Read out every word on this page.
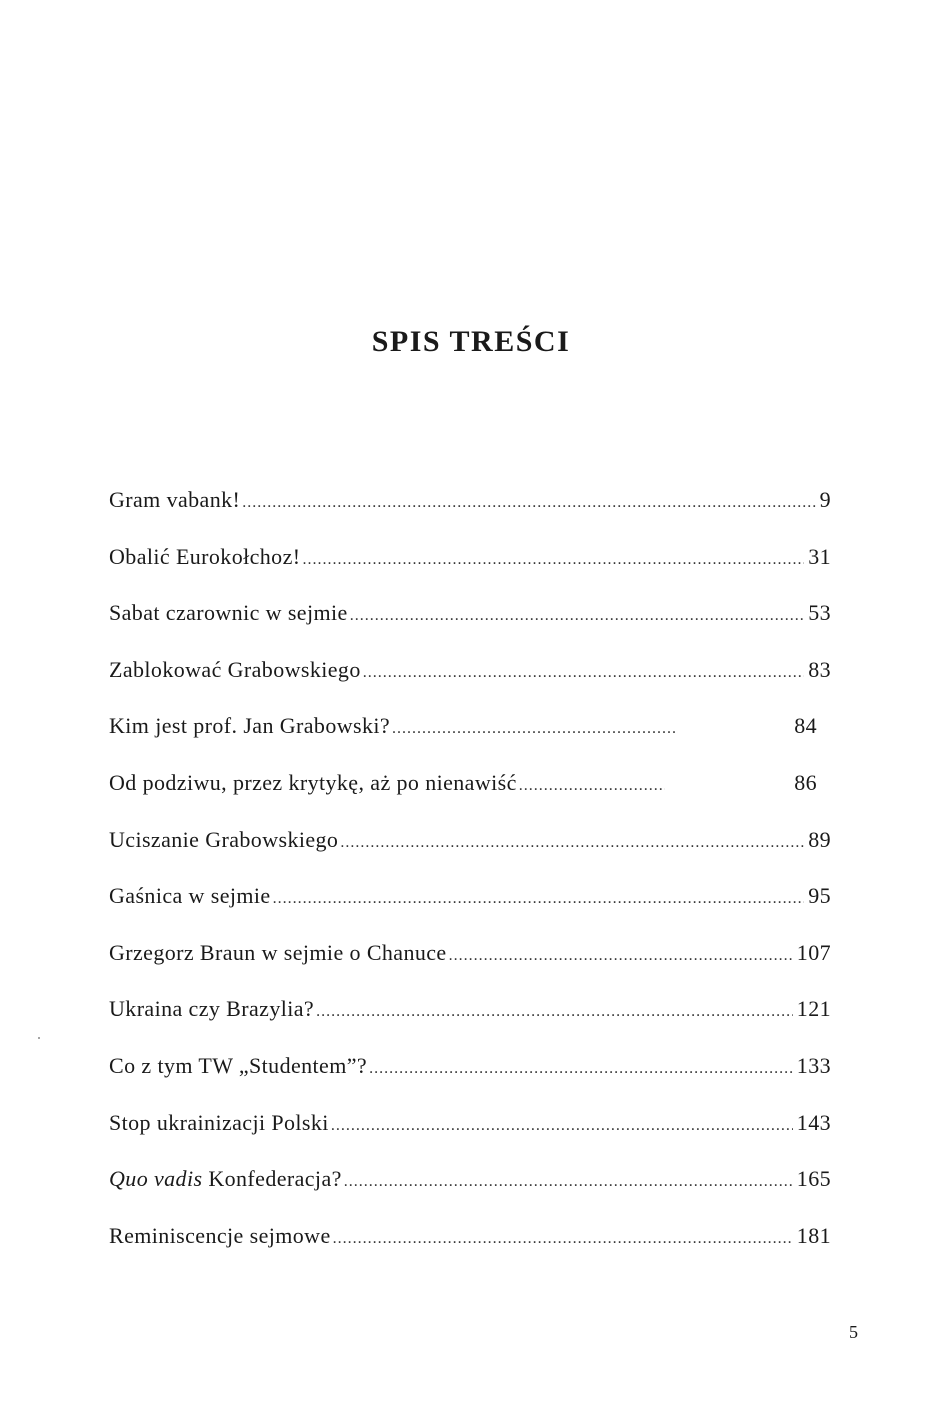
SPIS TREŚCI
Gram vabank! .....	9
Obalić Eurokołchoz! .....	31
Sabat czarownic w sejmie .....	53
Zablokować Grabowskiego .....	83
Kim jest prof. Jan Grabowski? .....	84
Od podziwu, przez krytykę, aż po nienawiść .....	86
Uciszanie Grabowskiego .....	89
Gaśnica w sejmie .....	95
Grzegorz Braun w sejmie o Chanuce .....	107
Ukraina czy Brazylia? .....	121
Co z tym TW „Studentem”? .....	133
Stop ukrainizacji Polski .....	143
Quo vadis Konfederacja? .....	165
Reminiscencje sejmowe .....	181
5
